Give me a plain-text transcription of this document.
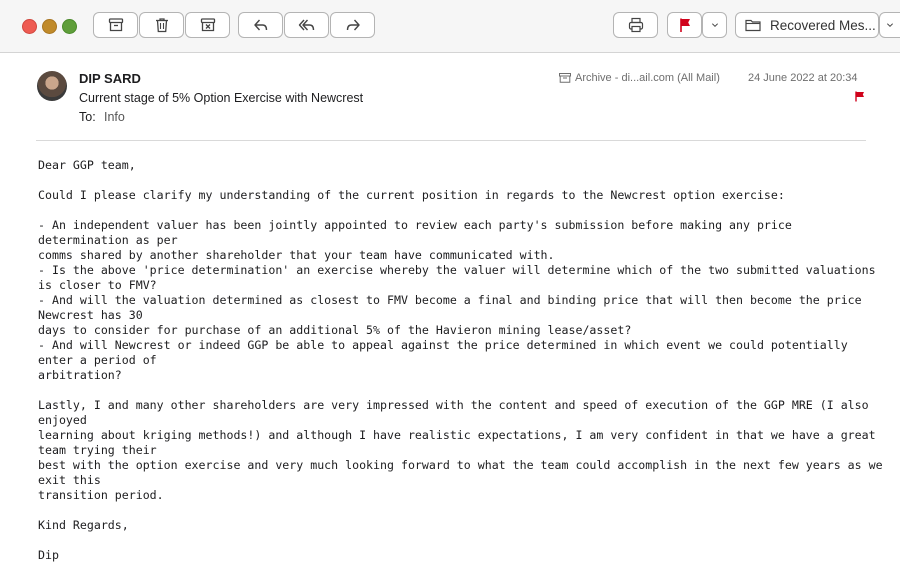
Recovered Mes...
DIP SARD
Current stage of 5% Option Exercise with Newcrest
To: Info
Archive - di...ail.com (All Mail)	24 June 2022 at 20:34

Dear GGP team,

Could I please clarify my understanding of the current position in regards to the Newcrest option exercise:

- An independent valuer has been jointly appointed to review each party's submission before making any price determination as per
comms shared by another shareholder that your team have communicated with.

- Is the above 'price determination' an exercise whereby the valuer will determine which of the two submitted valuations is closer to FMV?

- And will the valuation determined as closest to FMV become a final and binding price that will then become the price Newcrest has 30
days to consider for purchase of an additional 5% of the Havieron mining lease/asset?

- And will Newcrest or indeed GGP be able to appeal against the price determined in which event we could potentially enter a period of
arbitration?

Lastly, I and many other shareholders are very impressed with the content and speed of execution of the GGP MRE (I also enjoyed
learning about kriging methods!) and although I have realistic expectations, I am very confident in that we have a great team trying their
best with the option exercise and very much looking forward to what the team could accomplish in the next few years as we exit this
transition period.

Kind Regards,

Dip
